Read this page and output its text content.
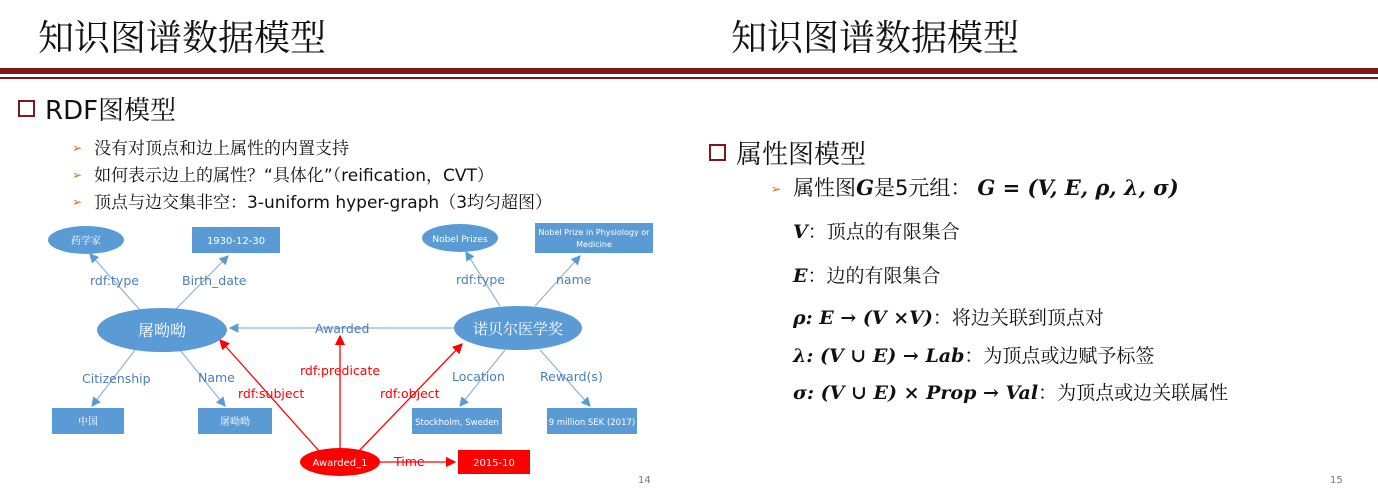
知识图谱数据模型
RDF图模型
➢ 没有对顶点和边上属性的内置支持
➢ 如何表示边上的属性？“具体化”（reification，CVT）
➢ 顶点与边交集非空：3-uniform hyper-graph（3均匀超图）
药学家	1930-12-30	Nobel Prizes
Nobel Prize in Physiology or
Medicine
屠呦呦	诺贝尔医学奖
中国	屠呦呦	Stockholm, Sweden	9 million SEK (2017)
Awarded_1	2015-10
rdf:type	Birth_date	rdf:type	name
Awarded
Citizenship	Name	Location	Reward(s)
rdf:subject
rdf:predicate
rdf:object
Time
14
知识图谱数据模型
属性图模型
➢ 属性图G是5元组： G = (V, E, ρ, λ, σ)
V：顶点的有限集合
E：边的有限集合
ρ: E → (V ×V)：将边关联到顶点对
λ: (V ∪ E) → Lab：为顶点或边赋予标签
σ: (V ∪ E) × Prop → Val：为顶点或边关联属性
15
